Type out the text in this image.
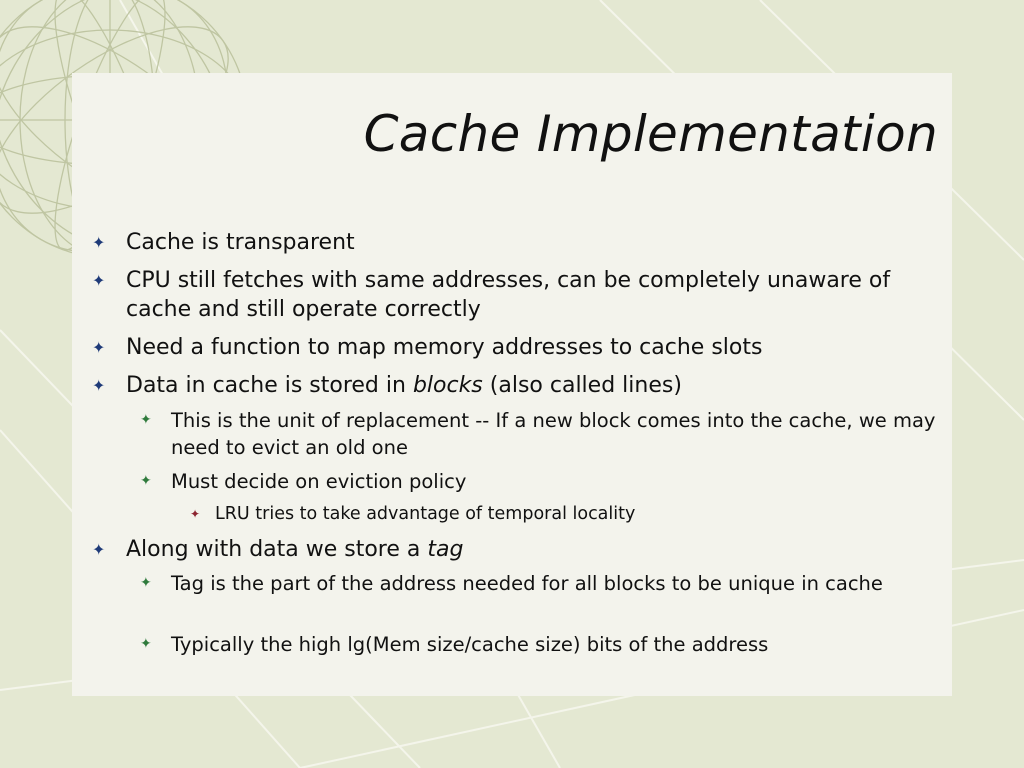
Cache Implementation
✦ Cache is transparent
✦ CPU still fetches with same addresses, can be completely unaware of cache and still operate correctly
✦ Need a function to map memory addresses to cache slots
✦ Data in cache is stored in blocks (also called lines)
✦ This is the unit of replacement -- If a new block comes into the cache, we may need to evict an old one
✦ Must decide on eviction policy
✦ LRU tries to take advantage of temporal locality
✦ Along with data we store a tag
✦ Tag is the part of the address needed for all blocks to be unique in cache
✦ Typically the high lg(Mem size/cache size) bits of the address
